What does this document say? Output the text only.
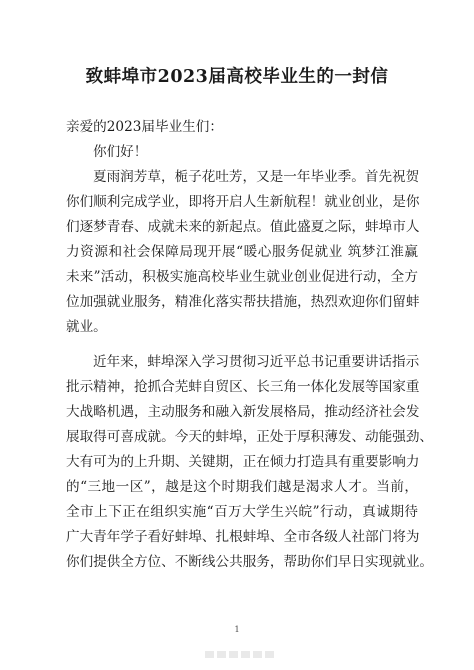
致蚌埠市2023届高校毕业生的一封信
亲爱的2023届毕业生们：
你们好！
夏雨润芳草，栀子花吐芳，又是一年毕业季。首先祝贺
你们顺利完成学业，即将开启人生新航程！就业创业，是你
们逐梦青春、成就未来的新起点。值此盛夏之际，蚌埠市人
力资源和社会保障局现开展“暖心服务促就业 筑梦江淮赢
未来”活动，积极实施高校毕业生就业创业促进行动，全方
位加强就业服务，精准化落实帮扶措施，热烈欢迎你们留蚌
就业。
近年来，蚌埠深入学习贯彻习近平总书记重要讲话指示
批示精神，抢抓合芜蚌自贸区、长三角一体化发展等国家重
大战略机遇，主动服务和融入新发展格局，推动经济社会发
展取得可喜成就。今天的蚌埠，正处于厚积薄发、动能强劲、
大有可为的上升期、关键期，正在倾力打造具有重要影响力
的“三地一区”，越是这个时期我们越是渴求人才。当前，
全市上下正在组织实施“百万大学生兴皖”行动，真诚期待
广大青年学子看好蚌埠、扎根蚌埠、全市各级人社部门将为
你们提供全方位、不断线公共服务，帮助你们早日实现就业。
1
